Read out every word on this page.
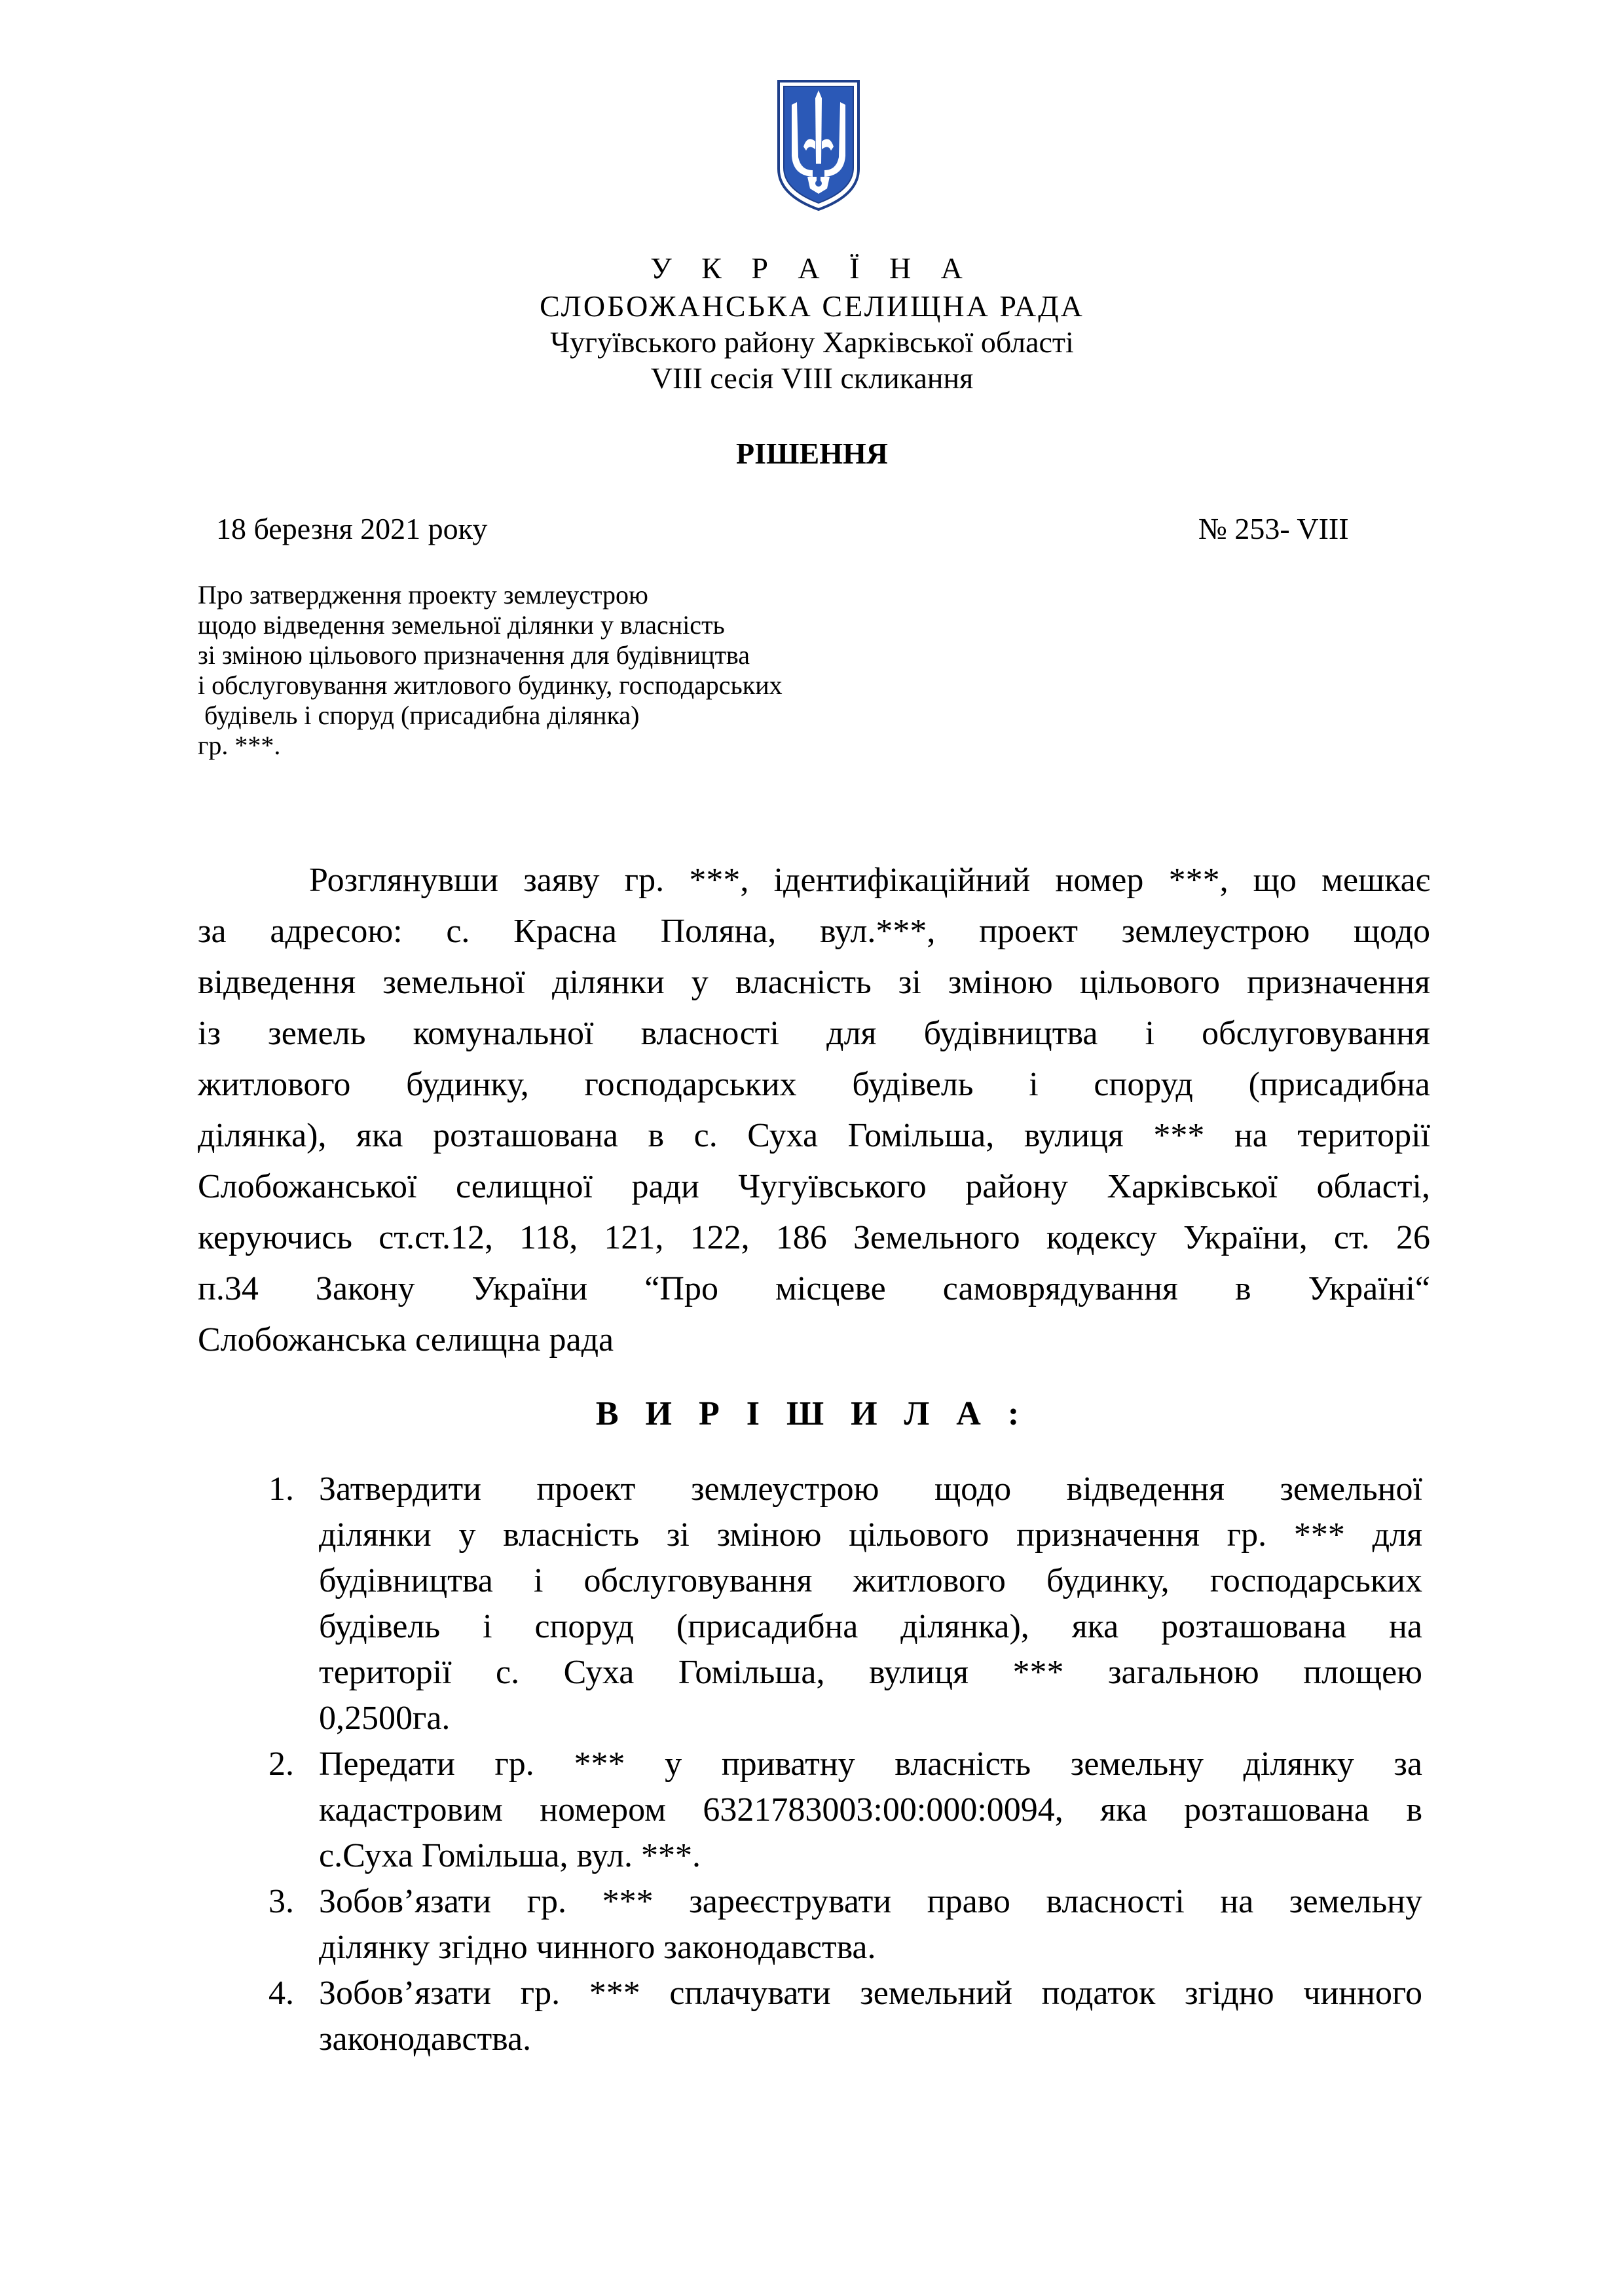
У К Р А Ї Н А
СЛОБОЖАНСЬКА СЕЛИЩНА РАДА
Чугуївського району Харківської області
VIII сесія VIII скликання
РІШЕННЯ
18 березня 2021 року	№ 253- VIII
Про затвердження проекту землеустрою
щодо відведення земельної ділянки у власність
зі зміною цільового призначення для будівництва
і обслуговування житлового будинку, господарських
будівель і споруд (присадибна ділянка)
гр. ***.
Розглянувши заяву гр. ***, ідентифікаційний номер ***, що мешкає
за адресою: с. Красна Поляна, вул.***, проект землеустрою щодо
відведення земельної ділянки у власність зі зміною цільового призначення
із земель комунальної власності для будівництва і обслуговування
житлового будинку, господарських будівель і споруд (присадибна
ділянка), яка розташована в с. Суха Гомільша, вулиця *** на території
Слобожанської селищної ради Чугуївського району Харківської області,
керуючись ст.ст.12, 118, 121, 122, 186 Земельного кодексу України, ст. 26
п.34 Закону України “Про місцеве самоврядування в Україні“
Слобожанська селищна рада
В И Р І Ш И Л А :
1. Затвердити проект землеустрою щодо відведення земельної
ділянки у власність зі зміною цільового призначення гр. *** для
будівництва і обслуговування житлового будинку, господарських
будівель і споруд (присадибна ділянка), яка розташована на
території с. Суха Гомільша, вулиця *** загальною площею
0,2500га.
2. Передати гр. *** у приватну власність земельну ділянку за
кадастровим номером 6321783003:00:000:0094, яка розташована в
с.Суха Гомільша, вул. ***.
3. Зобов’язати гр. *** зареєструвати право власності на земельну
ділянку згідно чинного законодавства.
4. Зобов’язати гр. *** сплачувати земельний податок згідно чинного
законодавства.
